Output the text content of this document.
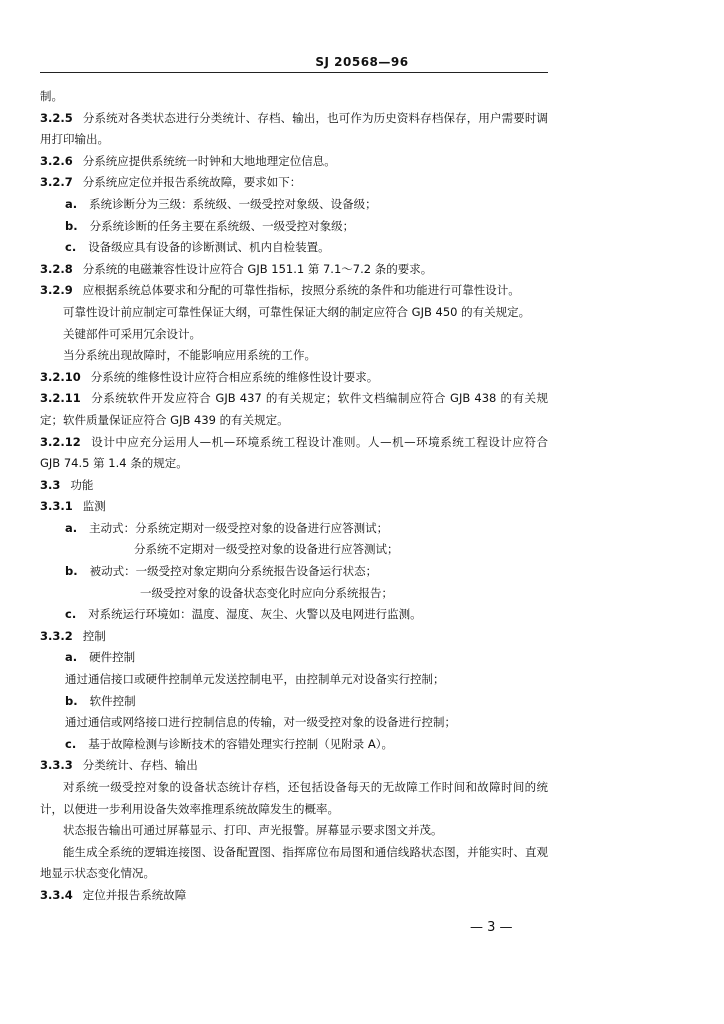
SJ 20568—96

制。

3.2.5 分系统对各类状态进行分类统计、存档、输出，也可作为历史资料存档保存，用户需要时调用打印输出。

3.2.6 分系统应提供系统统一时钟和大地地理定位信息。

3.2.7 分系统应定位并报告系统故障，要求如下：

a. 系统诊断分为三级：系统级、一级受控对象级、设备级；

b. 分系统诊断的任务主要在系统级、一级受控对象级；

c. 设备级应具有设备的诊断测试、机内自检装置。

3.2.8 分系统的电磁兼容性设计应符合 GJB 151.1 第 7.1～7.2 条的要求。

3.2.9 应根据系统总体要求和分配的可靠性指标，按照分系统的条件和功能进行可靠性设计。

可靠性设计前应制定可靠性保证大纲，可靠性保证大纲的制定应符合 GJB 450 的有关规定。

关键部件可采用冗余设计。

当分系统出现故障时，不能影响应用系统的工作。

3.2.10 分系统的维修性设计应符合相应系统的维修性设计要求。

3.2.11 分系统软件开发应符合 GJB 437 的有关规定；软件文档编制应符合 GJB 438 的有关规定；软件质量保证应符合 GJB 439 的有关规定。

3.2.12 设计中应充分运用人—机—环境系统工程设计准则。人—机—环境系统工程设计应符合 GJB 74.5 第 1.4 条的规定。

3.3 功能

3.3.1 监测

a. 主动式：分系统定期对一级受控对象的设备进行应答测试；

分系统不定期对一级受控对象的设备进行应答测试；

b. 被动式：一级受控对象定期向分系统报告设备运行状态；

一级受控对象的设备状态变化时应向分系统报告；

c. 对系统运行环境如：温度、湿度、灰尘、火警以及电网进行监测。

3.3.2 控制

a. 硬件控制

通过通信接口或硬件控制单元发送控制电平，由控制单元对设备实行控制；

b. 软件控制

通过通信或网络接口进行控制信息的传输，对一级受控对象的设备进行控制；

c. 基于故障检测与诊断技术的容错处理实行控制（见附录 A）。

3.3.3 分类统计、存档、输出

对系统一级受控对象的设备状态统计存档，还包括设备每天的无故障工作时间和故障时间的统计，以便进一步利用设备失效率推理系统故障发生的概率。

状态报告输出可通过屏幕显示、打印、声光报警。屏幕显示要求图文并茂。

能生成全系统的逻辑连接图、设备配置图、指挥席位布局图和通信线路状态图，并能实时、直观地显示状态变化情况。

3.3.4 定位并报告系统故障

— 3 —
